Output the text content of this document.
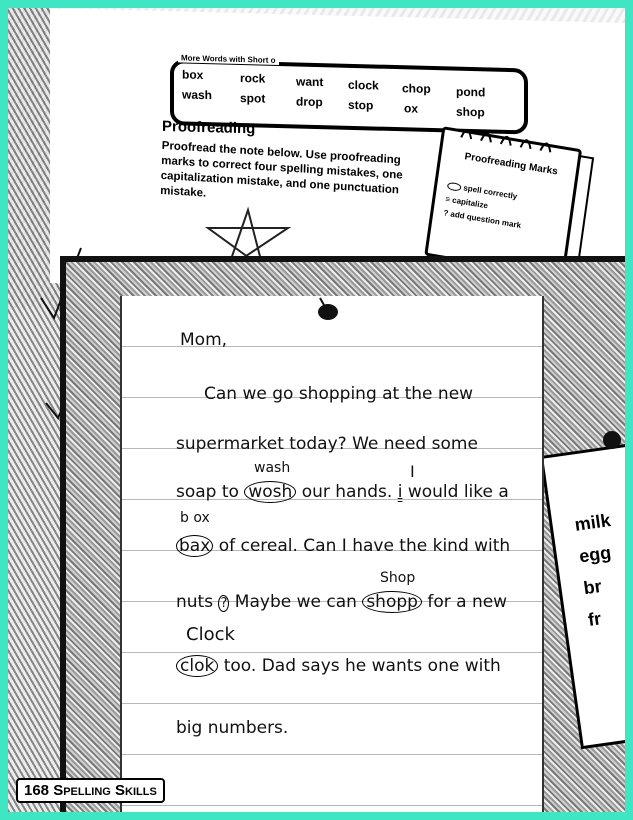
More Words with Short o
box	rock	want clock chop pond
wash spot	drop stop	ox	shop
Proofreading
Proofread the note below. Use proofreading marks to correct four spelling mistakes, one capitalization mistake, and one punctuation mistake.
Proofreading Marks
spell correctly
≡ capitalize
? add question mark
milk
egg
br
fr
Mom,
Can we go shopping at the new
supermarket today? We need some
soap to wosh our hands. i would like a
wash	I
bax of cereal. Can I have the kind with
b ox
nuts ? Maybe we can shopp for a new
Shop
clok too. Dad says he wants one with
Clock
big numbers.
168 Spelling Skills
